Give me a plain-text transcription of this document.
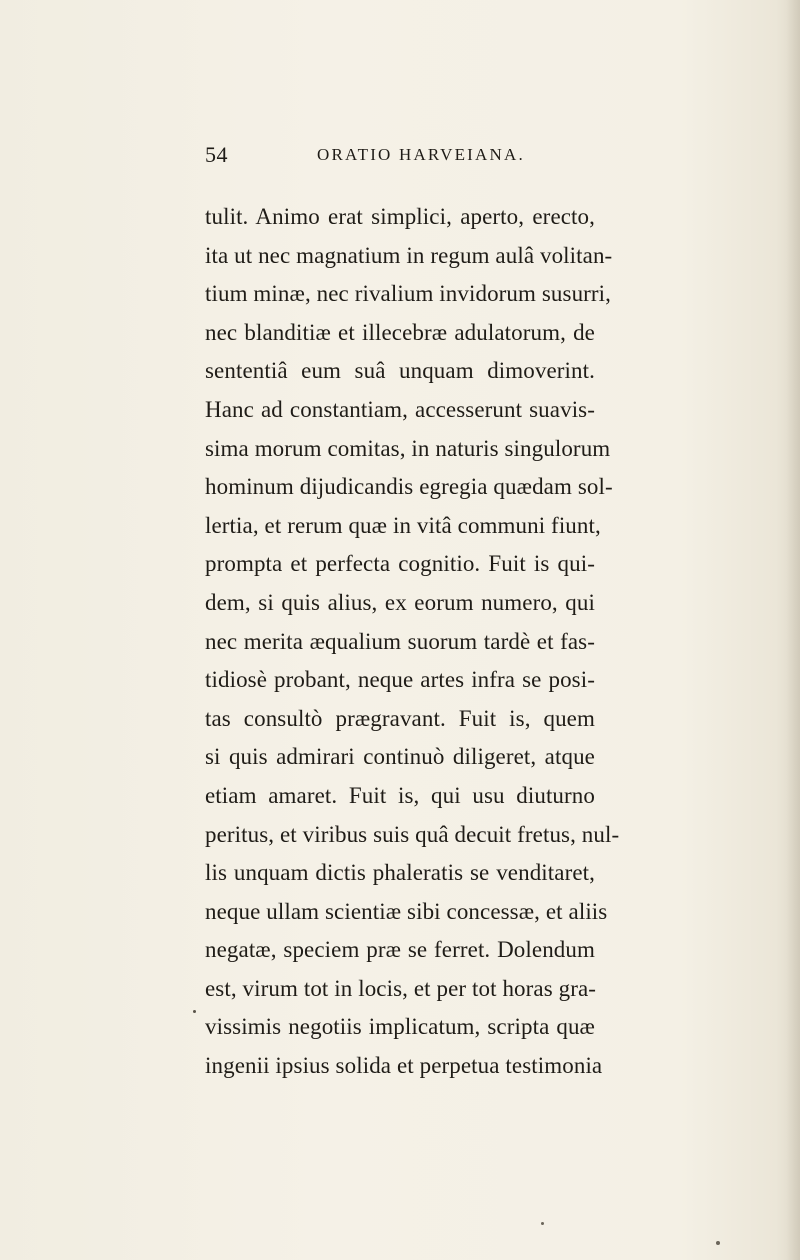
54	ORATIO HARVEIANA.
tulit. Animo erat simplici, aperto, erecto,
ita ut nec magnatium in regum aulâ volitan-
tium minæ, nec rivalium invidorum susurri,
nec blanditiæ et illecebræ adulatorum, de
sententiâ eum suâ unquam dimoverint.
Hanc ad constantiam, accesserunt suavis-
sima morum comitas, in naturis singulorum
hominum dijudicandis egregia quædam sol-
lertia, et rerum quæ in vitâ communi fiunt,
prompta et perfecta cognitio. Fuit is qui-
dem, si quis alius, ex eorum numero, qui
nec merita æqualium suorum tardè et fas-
tidiosè probant, neque artes infra se posi-
tas consultò prægravant. Fuit is, quem
si quis admirari continuò diligeret, atque
etiam amaret. Fuit is, qui usu diuturno
peritus, et viribus suis quâ decuit fretus, nul-
lis unquam dictis phaleratis se venditaret,
neque ullam scientiæ sibi concessæ, et aliis
negatæ, speciem præ se ferret. Dolendum
est, virum tot in locis, et per tot horas gra-
vissimis negotiis implicatum, scripta quæ
ingenii ipsius solida et perpetua testimonia
